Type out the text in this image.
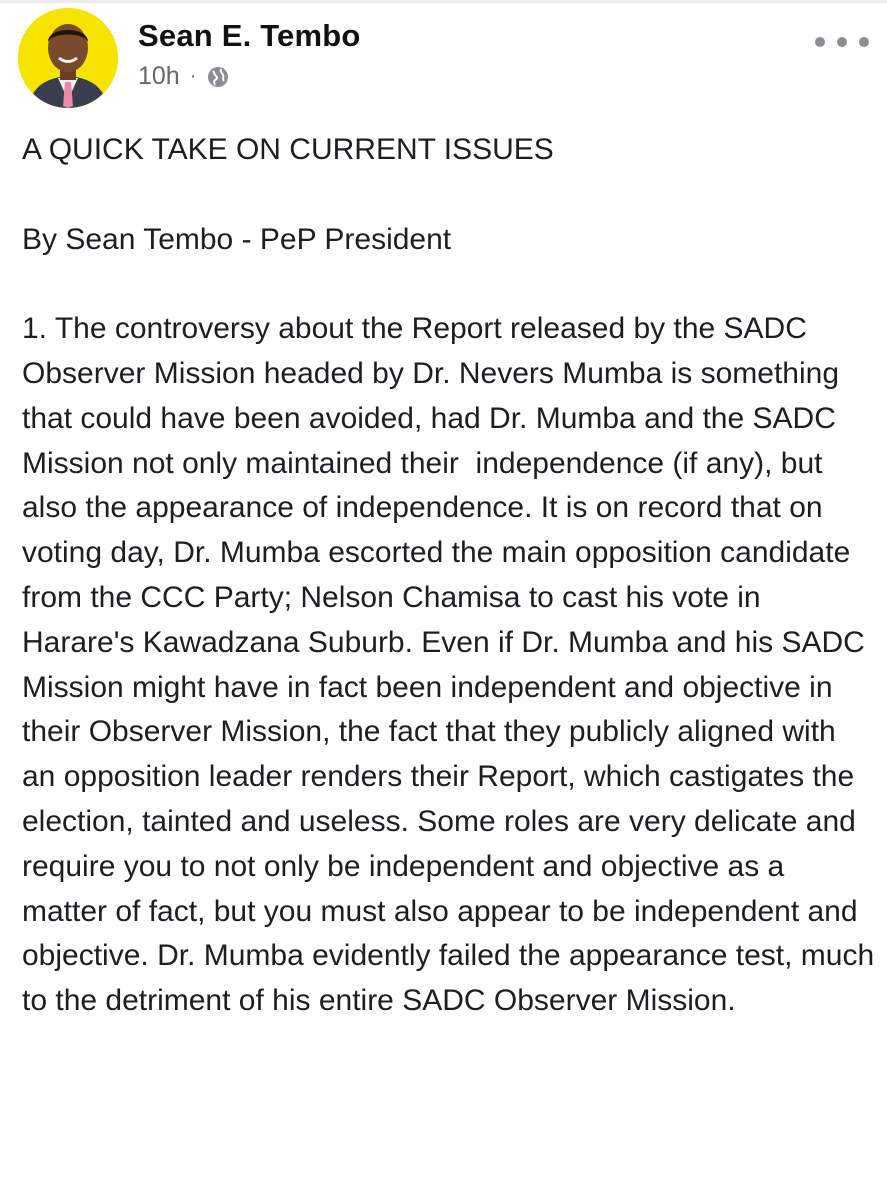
Sean E. Tembo
10h ·

A QUICK TAKE ON CURRENT ISSUES

By Sean Tembo - PeP President

1. The controversy about the Report released by the SADC Observer Mission headed by Dr. Nevers Mumba is something that could have been avoided, had Dr. Mumba and the SADC Mission not only maintained their  independence (if any), but also the appearance of independence. It is on record that on voting day, Dr. Mumba escorted the main opposition candidate from the CCC Party; Nelson Chamisa to cast his vote in Harare's Kawadzana Suburb. Even if Dr. Mumba and his SADC Mission might have in fact been independent and objective in their Observer Mission, the fact that they publicly aligned with an opposition leader renders their Report, which castigates the election, tainted and useless. Some roles are very delicate and require you to not only be independent and objective as a matter of fact, but you must also appear to be independent and objective. Dr. Mumba evidently failed the appearance test, much to the detriment of his entire SADC Observer Mission.
